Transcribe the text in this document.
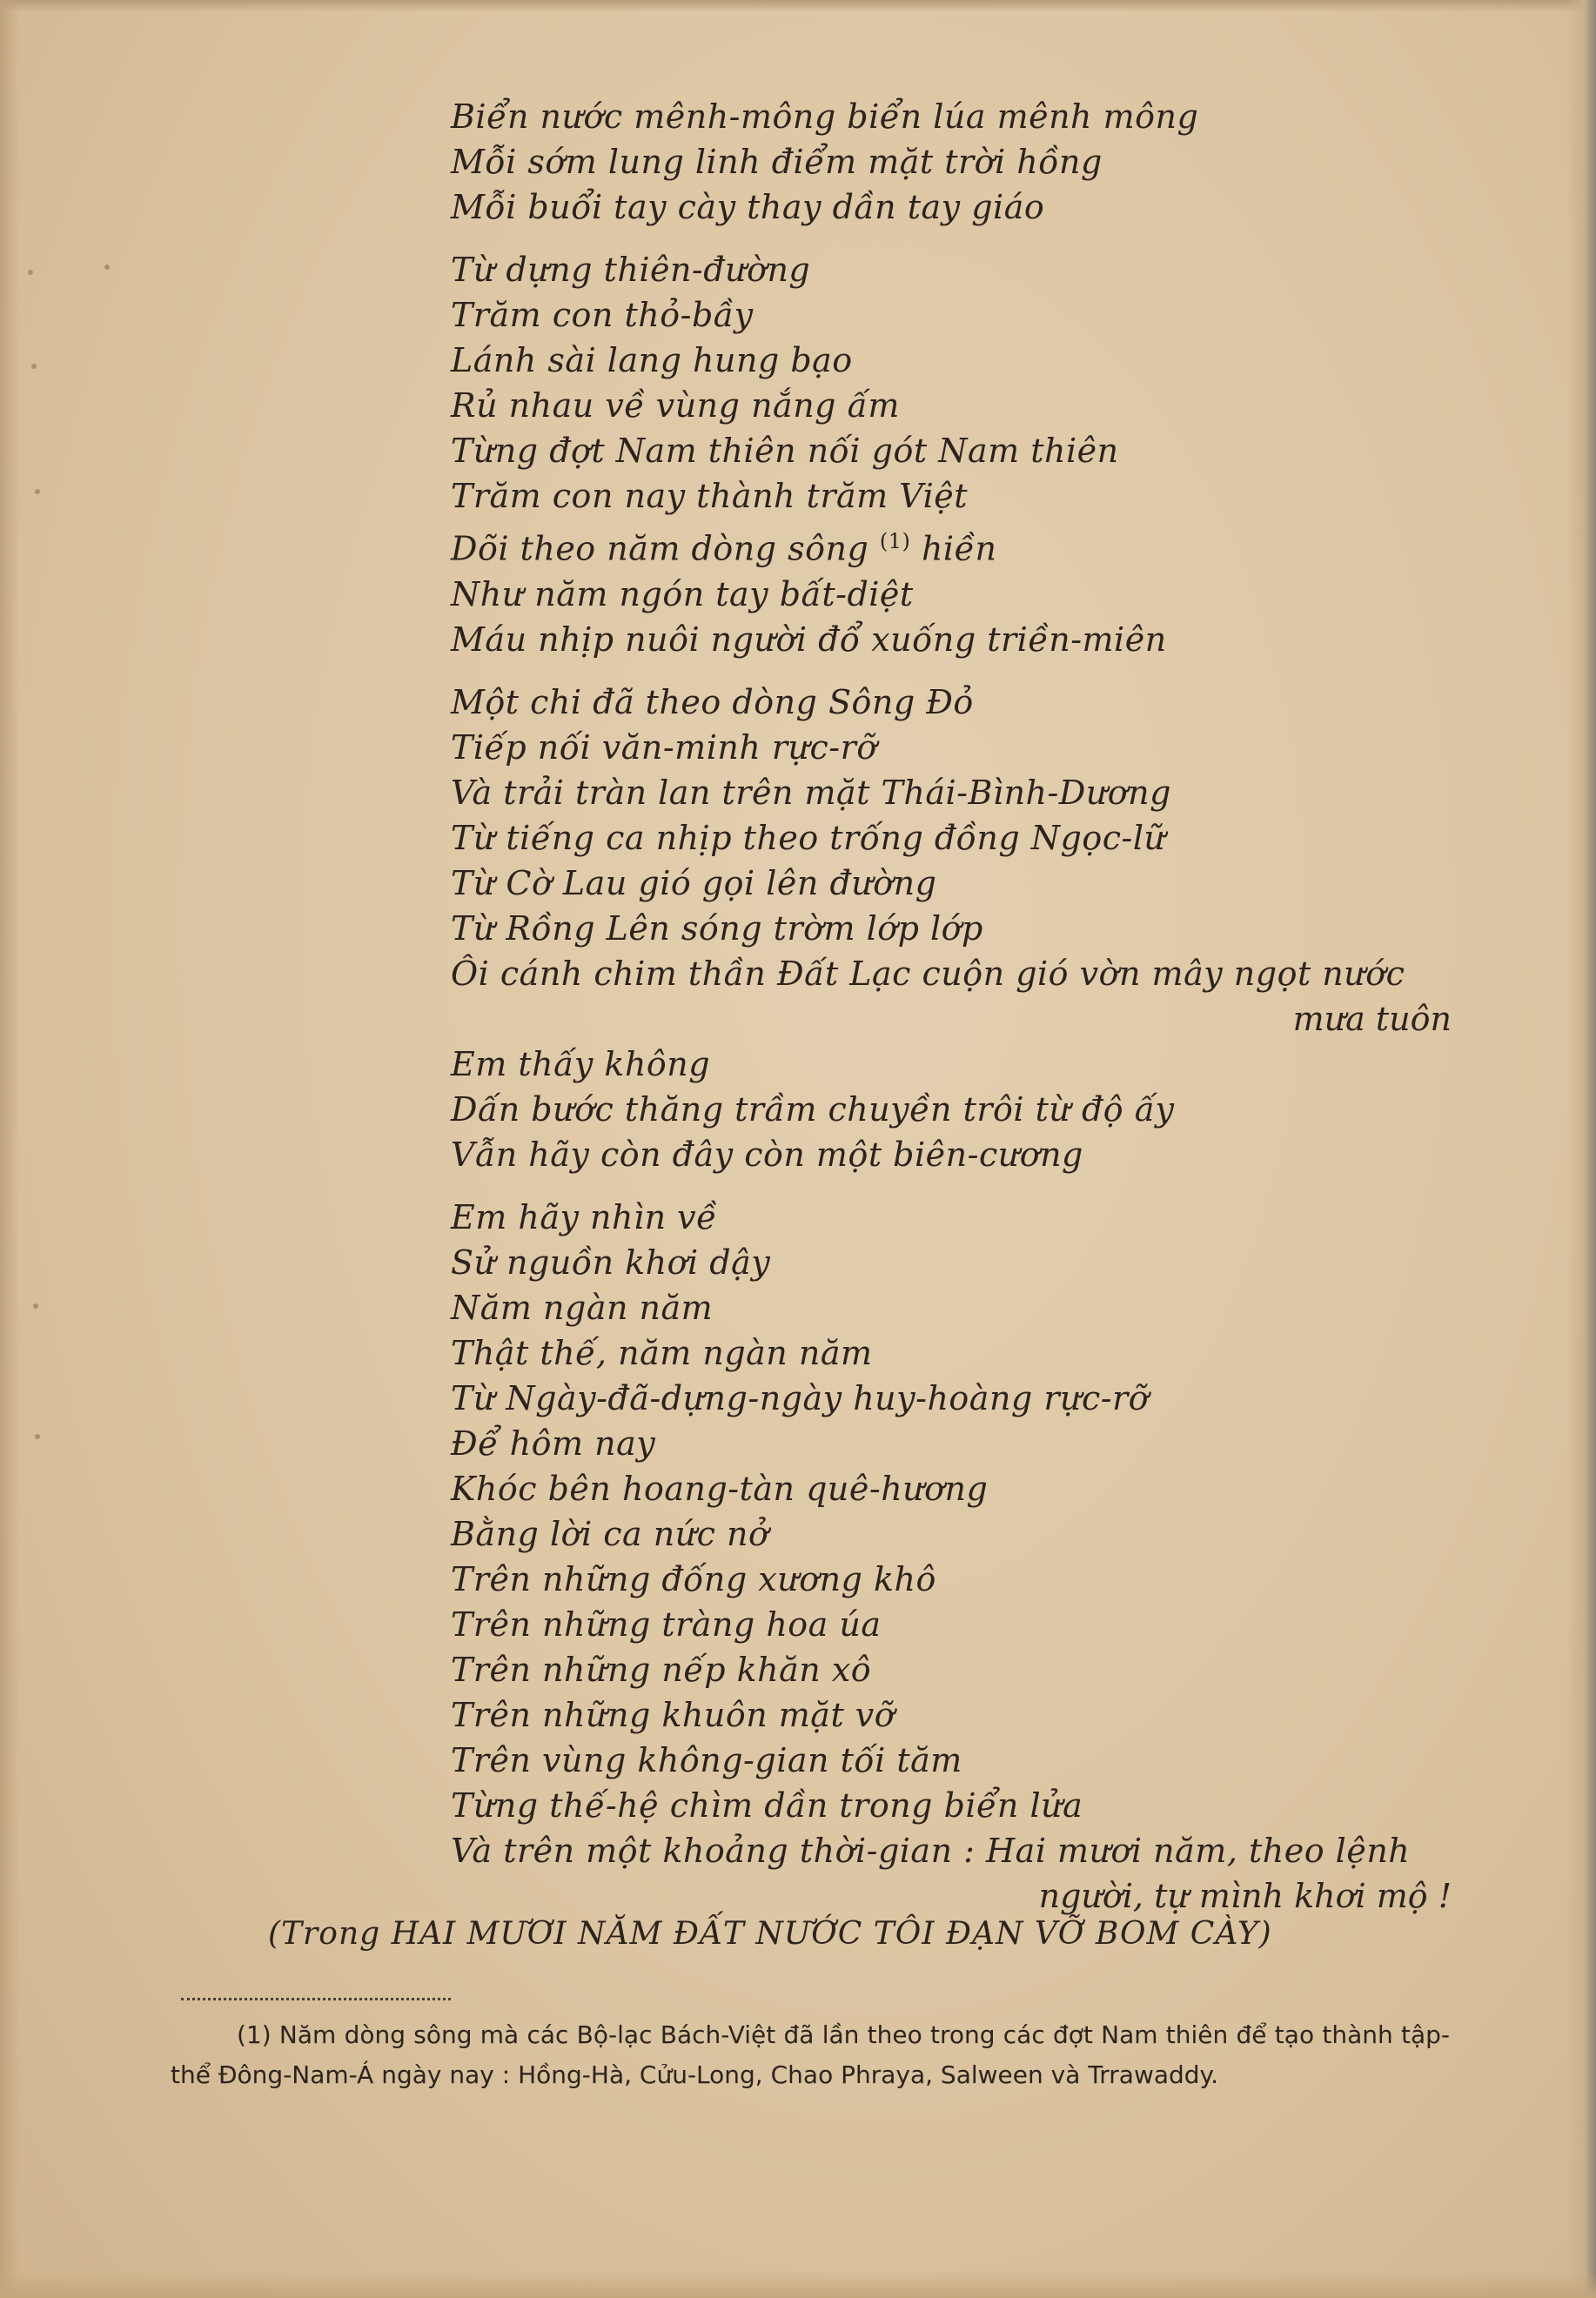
Biển nước mênh-mông biển lúa mênh mông
Mỗi sớm lung linh điểm mặt trời hồng
Mỗi buổi tay cày thay dần tay giáo
Từ dựng thiên-đường
Trăm con thỏ-bầy
Lánh sài lang hung bạo
Rủ nhau về vùng nắng ấm
Từng đợt Nam thiên nối gót Nam thiên
Trăm con nay thành trăm Việt
Dõi theo năm dòng sông $^{(1)}$ hiền
Như năm ngón tay bất-diệt
Máu nhịp nuôi người đổ xuống triền-miên
Một chi đã theo dòng Sông Đỏ
Tiếp nối văn-minh rực-rỡ
Và trải tràn lan trên mặt Thái-Bình-Dương
Từ tiếng ca nhịp theo trống đồng Ngọc-lữ
Từ Cờ Lau gió gọi lên đường
Từ Rồng Lên sóng trờm lớp lớp
Ôi cánh chim thần Đất Lạc cuộn gió vờn mây ngọt nước
mưa tuôn
Em thấy không
Dấn bước thăng trầm chuyền trôi từ độ ấy
Vẫn hãy còn đây còn một biên-cương
Em hãy nhìn về
Sử nguồn khơi dậy
Năm ngàn năm
Thật thế, năm ngàn năm
Từ Ngày-đã-dựng-ngày huy-hoàng rực-rỡ
Để hôm nay
Khóc bên hoang-tàn quê-hương
Bằng lời ca nức nở
Trên những đống xương khô
Trên những tràng hoa úa
Trên những nếp khăn xô
Trên những khuôn mặt vỡ
Trên vùng không-gian tối tăm
Từng thế-hệ chìm dần trong biển lửa
Và trên một khoảng thời-gian : Hai mươi năm, theo lệnh
người, tự mình khơi mộ !
(Trong HAI MƯƠI NĂM ĐẤT NƯỚC TÔI ĐẠN VỠ BOM CÀY)
(1) Năm dòng sông mà các Bộ-lạc Bách-Việt đã lần theo trong các đợt Nam thiên để tạo thành tập-thể Đông-Nam-Á ngày nay : Hồng-Hà, Cửu-Long, Chao Phraya, Salween và Trrawaddy.
